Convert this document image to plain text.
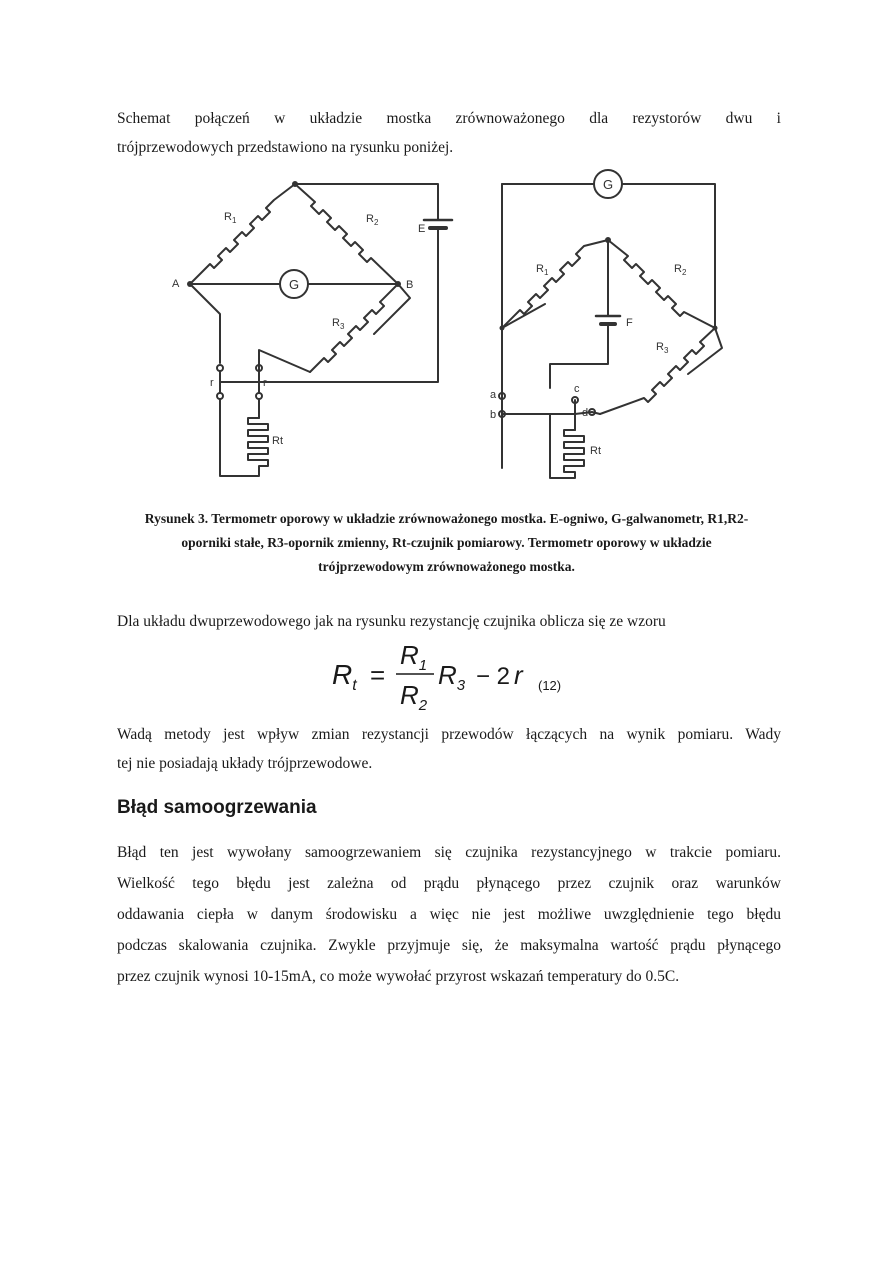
Schemat połączeń w układzie mostka zrównoważonego dla rezystorów dwu i
trójprzewodowych przedstawiono na rysunku poniżej.

$R_1$	$R_2$
$R_3$
E
A	B
G
r	r
Rt
G
$R_1$	$R_2$
$R_3$
F
a
b
c
d
Rt
Rysunek 3. Termometr oporowy w układzie zrównoważonego mostka. E-ogniwo, G-galwanometr, R1,R2-
oporniki stałe, R3-opornik zmienny, Rt-czujnik pomiarowy. Termometr oporowy w układzie
trójprzewodowym zrównoważonego mostka.

Dla układu dwuprzewodowego jak na rysunku rezystancję czujnika oblicza się ze wzoru

$R_t$ =
$R_1$
$R_2$
$R_3 - 2$ r (12)

Wadą metody jest wpływ zmian rezystancji przewodów łączących na wynik pomiaru. Wady
tej nie posiadają układy trójprzewodowe.

Błąd samoogrzewania

Błąd ten jest wywołany samoogrzewaniem się czujnika rezystancyjnego w trakcie pomiaru.
Wielkość tego błędu jest zależna od prądu płynącego przez czujnik oraz warunków
oddawania ciepła w danym środowisku a więc nie jest możliwe uwzględnienie tego błędu
podczas skalowania czujnika. Zwykle przyjmuje się, że maksymalna wartość prądu płynącego
przez czujnik wynosi 10-15mA, co może wywołać przyrost wskazań temperatury do 0.5C.
